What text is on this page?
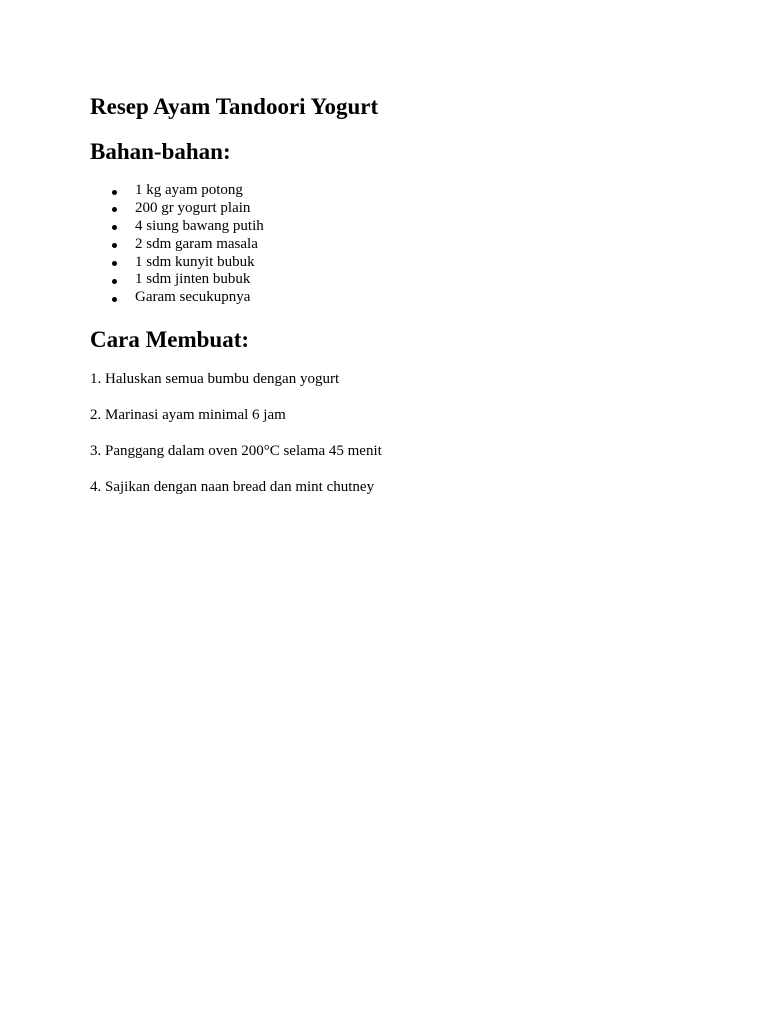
Resep Ayam Tandoori Yogurt
Bahan-bahan:
1 kg ayam potong
200 gr yogurt plain
4 siung bawang putih
2 sdm garam masala
1 sdm kunyit bubuk
1 sdm jinten bubuk
Garam secukupnya
Cara Membuat:

1. Haluskan semua bumbu dengan yogurt

2. Marinasi ayam minimal 6 jam

3. Panggang dalam oven 200°C selama 45 menit

4. Sajikan dengan naan bread dan mint chutney
